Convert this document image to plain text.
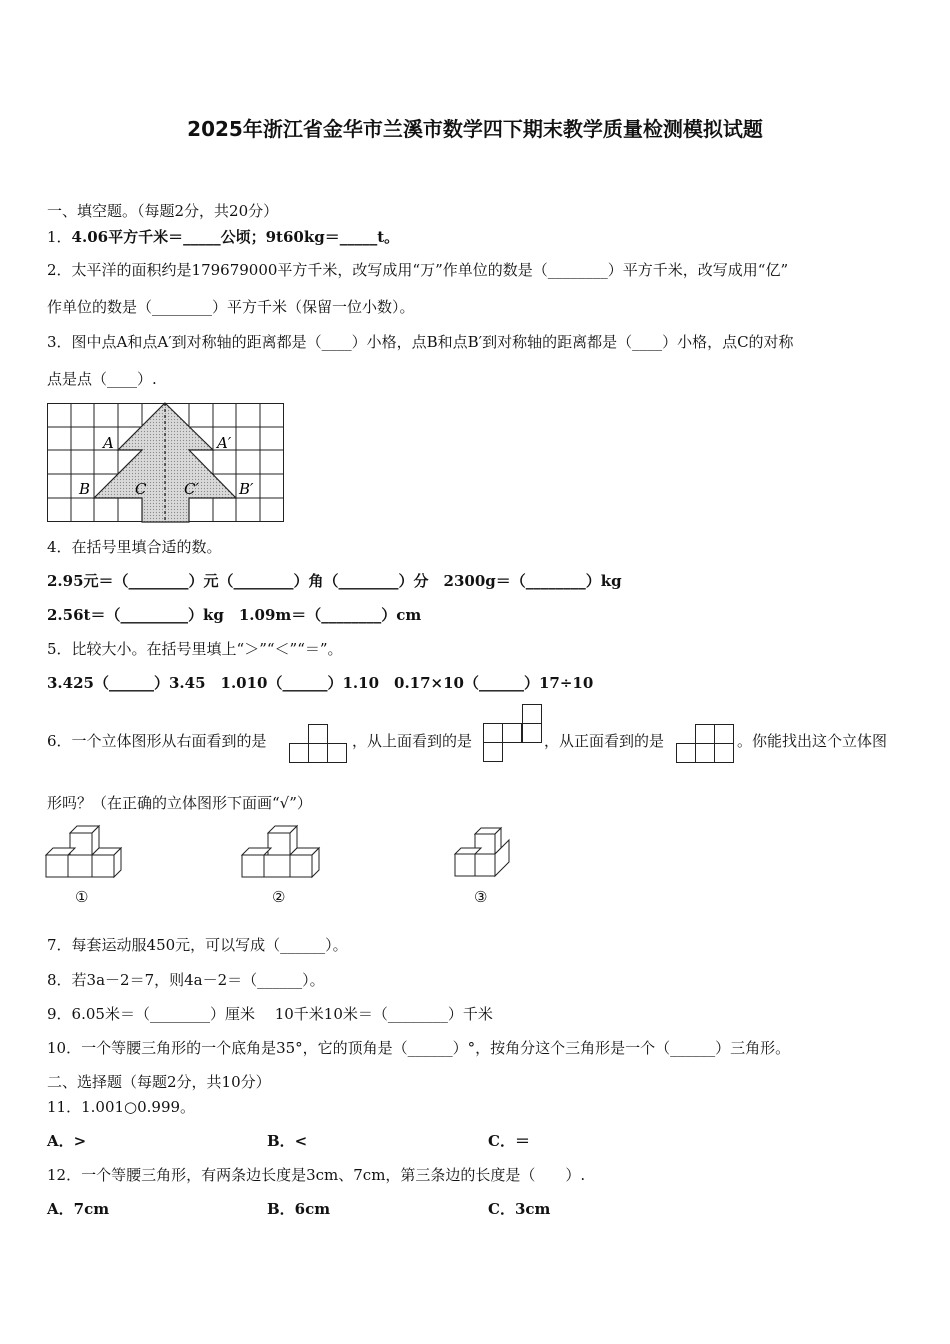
2025年浙江省金华市兰溪市数学四下期末教学质量检测模拟试题
一、填空题。（每题2分，共20分）
1．4.06平方千米＝_____公顷；9t60kg＝_____t。
2．太平洋的面积约是179679000平方千米，改写成用“万”作单位的数是（________）平方千米，改写成用“亿”
作单位的数是（________）平方千米（保留一位小数）。
3．图中点A和点A′到对称轴的距离都是（____）小格，点B和点B′到对称轴的距离都是（____）小格，点C的对称
点是点（____）.
A	A′
B	C	C′	B′
4．在括号里填合适的数。
2.95元＝（________）元（________）角（________）分　2300g＝（________）kg
2.56t＝（_________）kg　1.09m＝（________）cm
5．比较大小。在括号里填上“＞”“＜”“＝”。
3.425（______）3.45　1.010（______）1.10　0.17×10（______）17÷10
6．一个立体图形从右面看到的是	，从上面看到的是	，从正面看到的是	。你能找出这个立体图
形吗？（在正确的立体图形下面画“√”）
①	②	③
7．每套运动服450元，可以写成（______）。
8．若3a－2＝7，则4a－2＝（______）。
9．6.05米＝（________）厘米　 10千米10米＝（________）千米
10．一个等腰三角形的一个底角是35°，它的顶角是（______）°，按角分这个三角形是一个（______）三角形。
二、选择题（每题2分，共10分）
11．1.001○0.999。
A．>	B．<	C．＝
12．一个等腰三角形，有两条边长度是3cm、7cm，第三条边的长度是（　　）.
A．7cm	B．6cm	C．3cm
